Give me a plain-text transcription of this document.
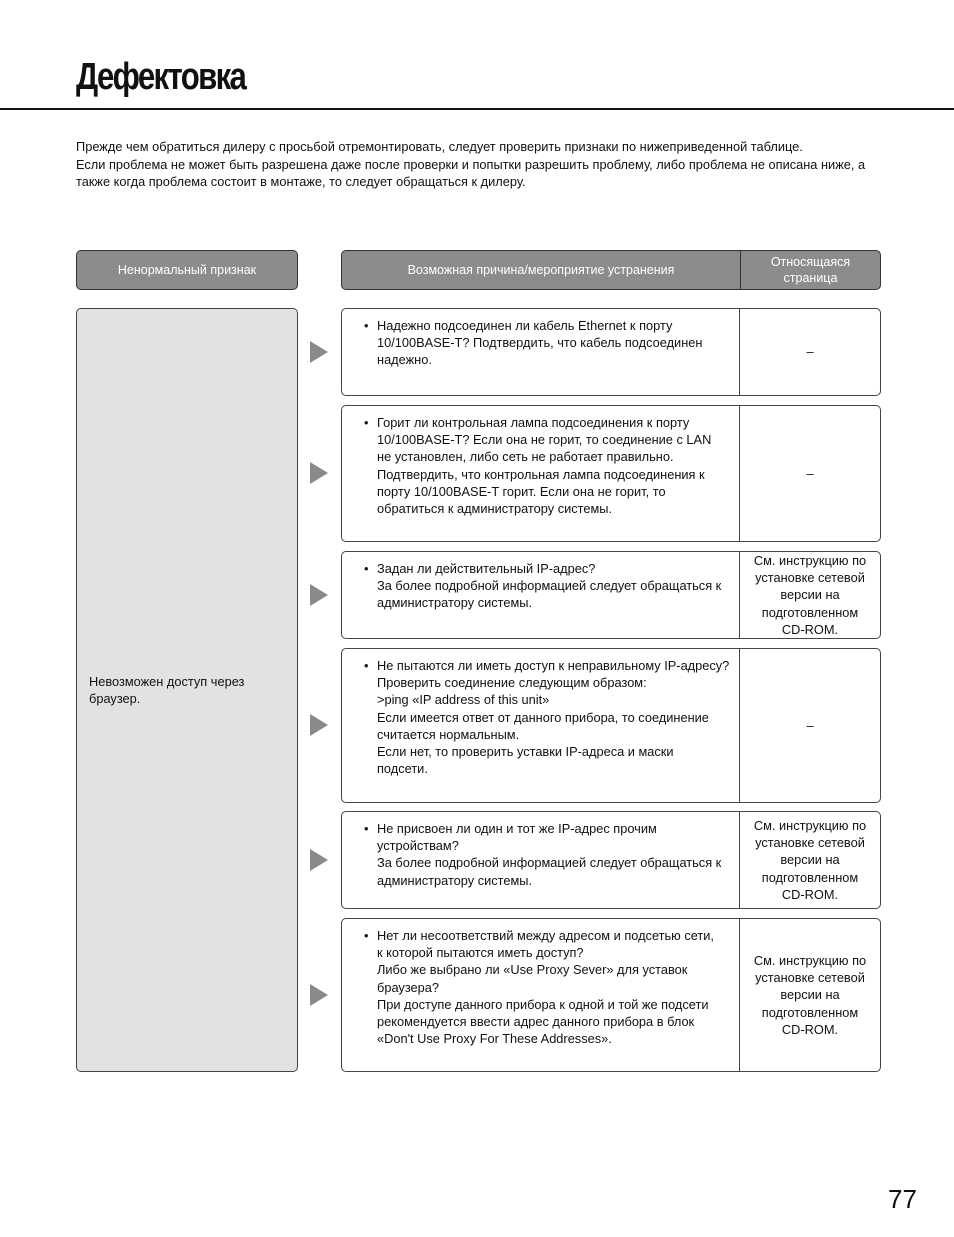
Дефектовка

Прежде чем обратиться дилеру с просьбой отремонтировать, следует проверить признаки по нижеприведенной таблице.

Если проблема не может быть разрешена даже после проверки и попытки разрешить проблему, либо проблема не описана ниже, а также когда проблема состоит в монтаже, то следует обращаться к дилеру.

Ненормальный признак	Возможная причина/мероприятие устранения
Относящаяся
страница
Невозможен доступ через браузер.
• Надежно подсоединен ли кабель Ethernet к порту
10/100BASE-T? Подтвердить, что кабель подсоединен
надежно.
–
• Горит ли контрольная лампа подсоединения к порту
10/100BASE-T? Если она не горит, то соединение с LAN
не установлен, либо сеть не работает правильно.
Подтвердить, что контрольная лампа подсоединения к
порту 10/100BASE-T горит. Если она не горит, то
обратиться к администратору системы.
–
• Задан ли действительный IP-адрес?
За более подробной информацией следует обращаться к
администратору системы.
См. инструкцию по
установке сетевой
версии на
подготовленном
CD-ROM.
• Не пытаются ли иметь доступ к неправильному IP-адресу?
Проверить соединение следующим образом:
>ping «IP address of this unit»
Если имеется ответ от данного прибора, то соединение
считается нормальным.
Если нет, то проверить уставки IP-адреса и маски
подсети.
–
• Не присвоен ли один и тот же IP-адрес прочим
устройствам?
За более подробной информацией следует обращаться к
администратору системы.
См. инструкцию по
установке сетевой
версии на
подготовленном
CD-ROM.
• Нет ли несоответствий между адресом и подсетью сети,
к которой пытаются иметь доступ?
Либо же выбрано ли «Use Proxy Sever» для уставок
браузера?
При доступе данного прибора к одной и той же подсети
рекомендуется ввести адрес данного прибора в блок
«Don't Use Proxy For These Addresses».
См. инструкцию по
установке сетевой
версии на
подготовленном
CD-ROM.
77
